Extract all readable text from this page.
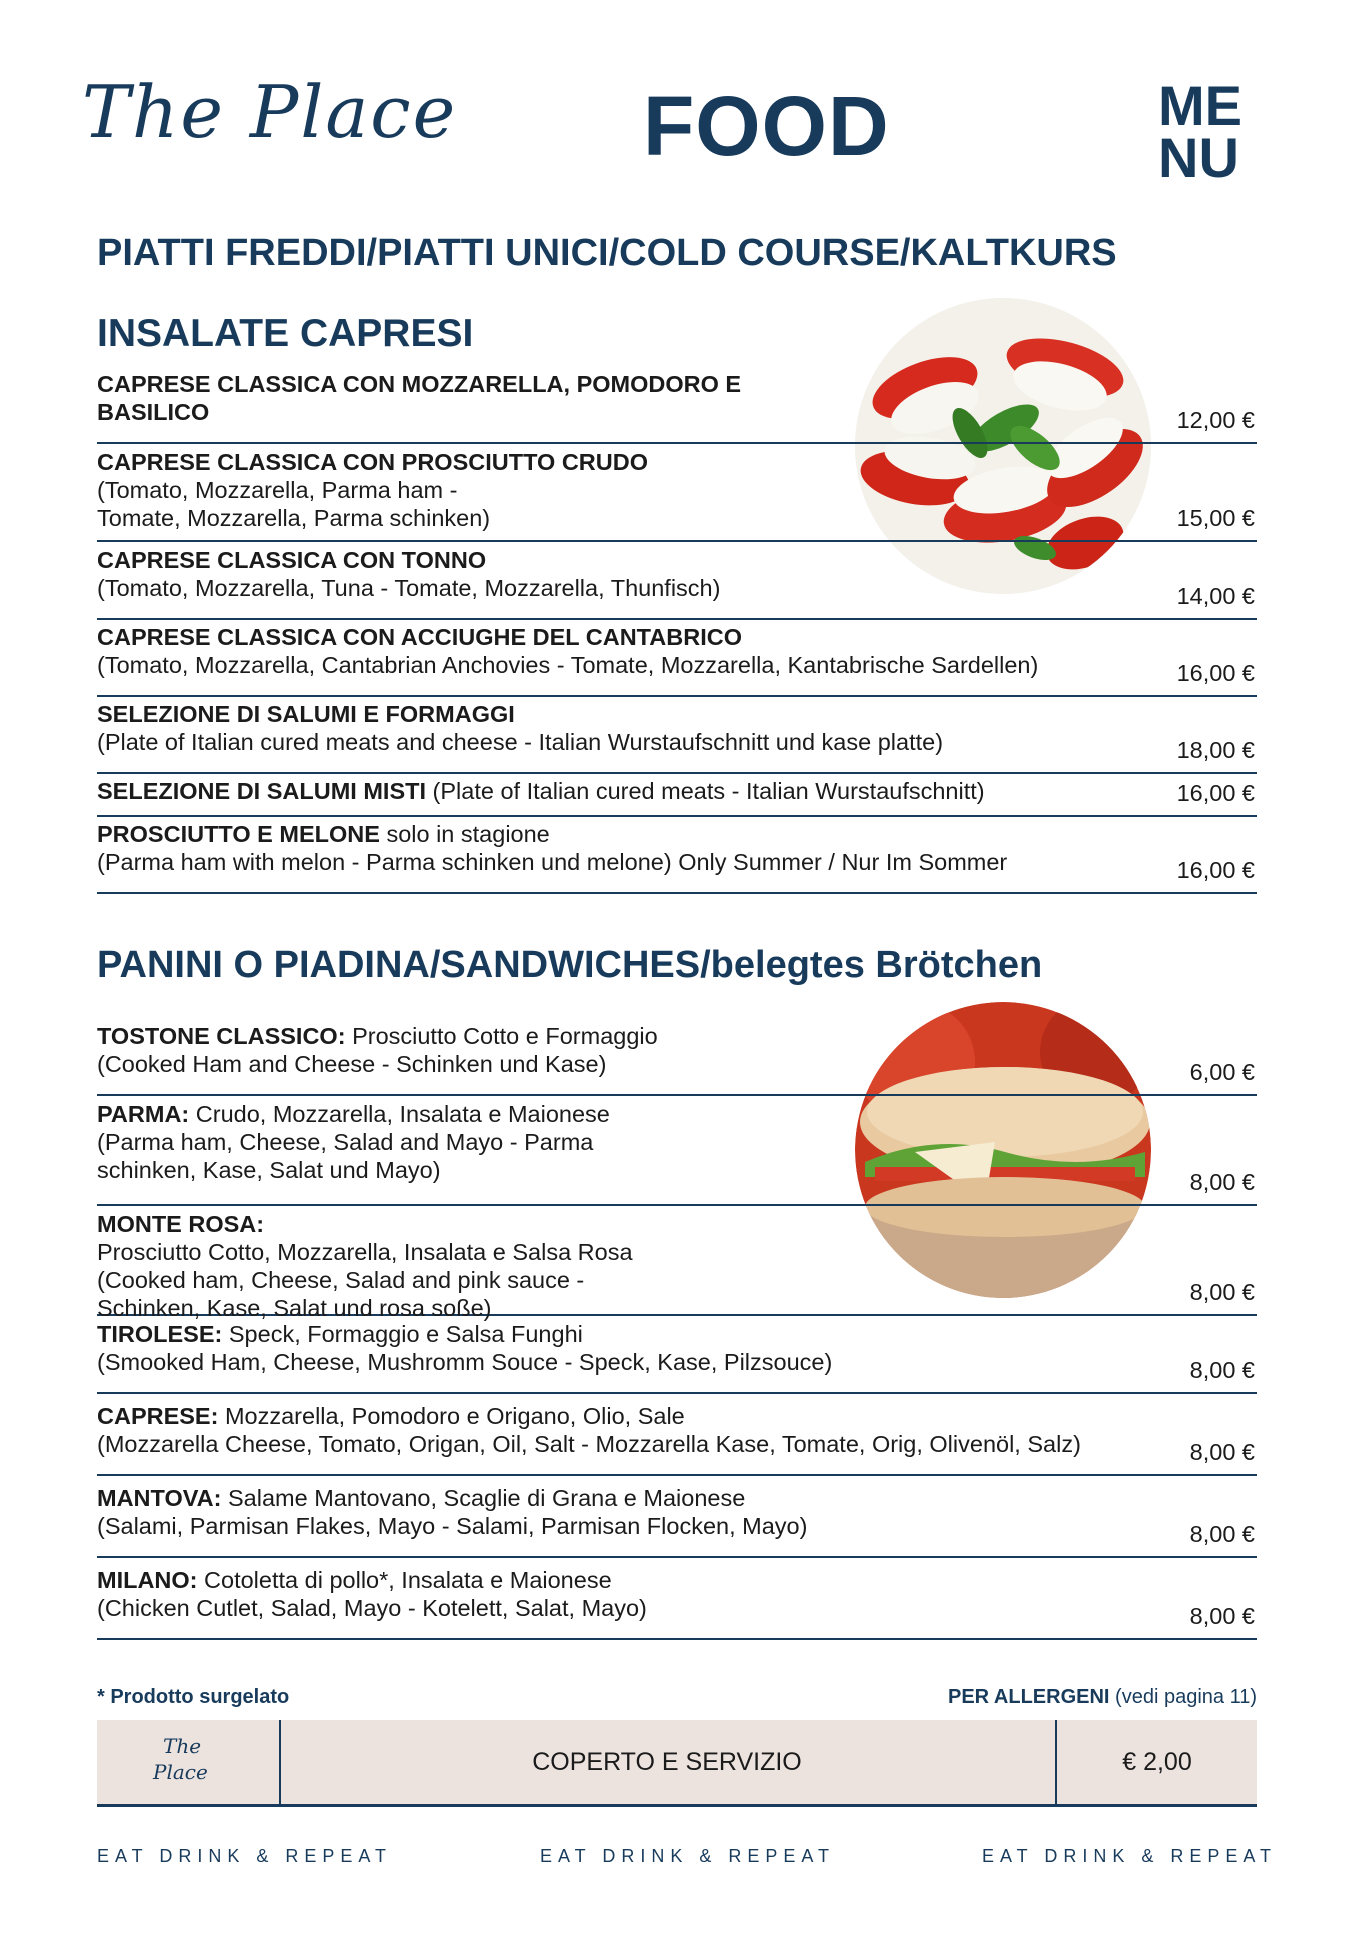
The Place FOOD	ME
NU
PIATTI FREDDI/PIATTI UNICI/COLD COURSE/KALTKURS
INSALATE CAPRESI
CAPRESE CLASSICA CON MOZZARELLA, POMODORO E BASILICO	12,00 €
CAPRESE CLASSICA CON PROSCIUTTO CRUDO
(Tomato, Mozzarella, Parma ham - Tomate, Mozzarella, Parma schinken)	15,00 €
CAPRESE CLASSICA CON TONNO
(Tomato, Mozzarella, Tuna - Tomate, Mozzarella, Thunfisch)	14,00 €
CAPRESE CLASSICA CON ACCIUGHE DEL CANTABRICO
(Tomato, Mozzarella, Cantabrian Anchovies - Tomate, Mozzarella, Kantabrische Sardellen)	16,00 €
SELEZIONE DI SALUMI E FORMAGGI
(Plate of Italian cured meats and cheese - Italian Wurstaufschnitt und kase platte)	18,00 €
SELEZIONE DI SALUMI MISTI (Plate of Italian cured meats - Italian Wurstaufschnitt)	16,00 €
PROSCIUTTO E MELONE solo in stagione
(Parma ham with melon - Parma schinken und melone) Only Summer / Nur Im Sommer	16,00 €
PANINI O PIADINA/SANDWICHES/belegtes Brötchen
TOSTONE CLASSICO: Prosciutto Cotto e Formaggio
(Cooked Ham and Cheese - Schinken und Kase)	6,00 €
PARMA: Crudo, Mozzarella, Insalata e Maionese
(Parma ham, Cheese, Salad and Mayo - Parma schinken, Kase, Salat und Mayo)	8,00 €
MONTE ROSA: Prosciutto Cotto, Mozzarella, Insalata e Salsa Rosa
(Cooked ham, Cheese, Salad and pink sauce - Schinken, Kase, Salat und rosa soße)
8,00 €
TIROLESE: Speck, Formaggio e Salsa Funghi
(Smooked Ham, Cheese, Mushromm Souce - Speck, Kase, Pilzsouce)	8,00 €
CAPRESE: Mozzarella, Pomodoro e Origano, Olio, Sale
(Mozzarella Cheese, Tomato, Origan, Oil, Salt - Mozzarella Kase, Tomate, Orig, Olivenöl, Salz)	8,00 €
MANTOVA: Salame Mantovano, Scaglie di Grana e Maionese
(Salami, Parmisan Flakes, Mayo - Salami, Parmisan Flocken, Mayo)	8,00 €
MILANO: Cotoletta di pollo*, Insalata e Maionese
(Chicken Cutlet, Salad, Mayo - Kotelett, Salat, Mayo)	8,00 €
* Prodotto surgelato	PER ALLERGENI (vedi pagina 11)
The
Place	COPERTO E SERVIZIO	€ 2,00
EAT DRINK & REPEAT	EAT DRINK & REPEAT	EAT DRINK & REPEAT
